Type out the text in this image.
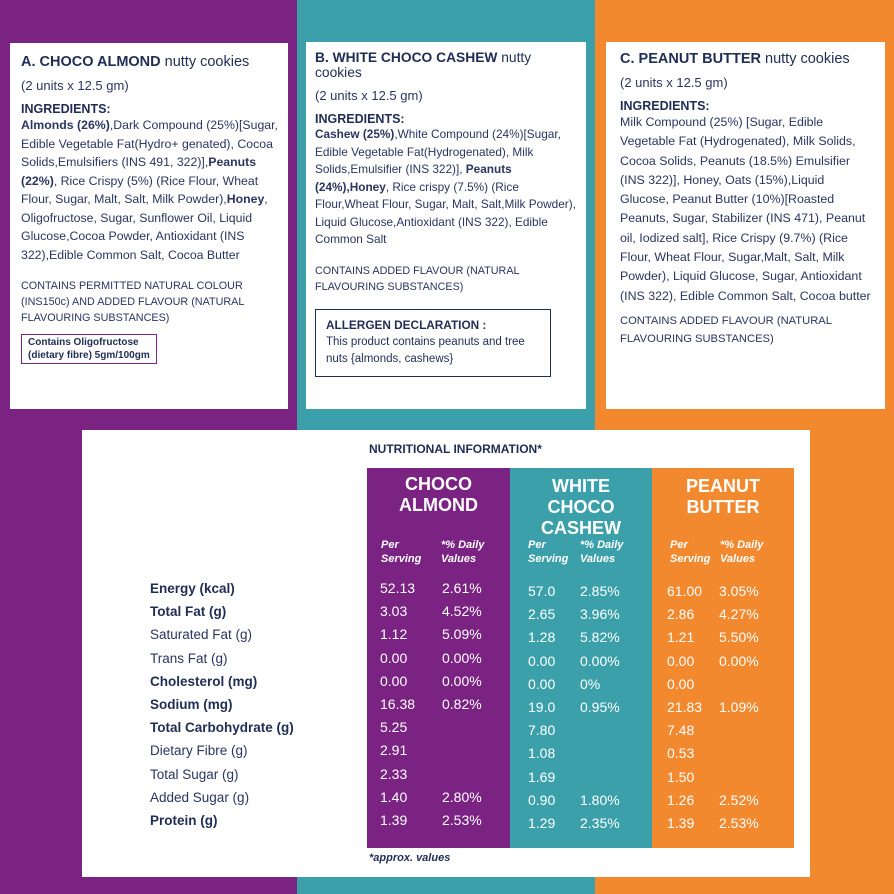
A. CHOCO ALMOND nutty cookies
(2 units x 12.5 gm)
INGREDIENTS:
Almonds (26%),Dark Compound (25%)[Sugar, Edible Vegetable Fat(Hydro+ genated), Cocoa Solids,Emulsifiers (INS 491, 322)],Peanuts (22%), Rice Crispy (5%) (Rice Flour, Wheat Flour, Sugar, Malt, Salt, Milk Powder),Honey, Oligofructose, Sugar, Sunflower Oil, Liquid Glucose,Cocoa Powder, Antioxidant (INS 322),Edible Common Salt, Cocoa Butter
CONTAINS PERMITTED NATURAL COLOUR (INS150c) AND ADDED FLAVOUR (NATURAL FLAVOURING SUBSTANCES)
Contains Oligofructose
(dietary fibre) 5gm/100gm
B. WHITE CHOCO CASHEW nutty cookies
(2 units x 12.5 gm)
INGREDIENTS:
Cashew (25%),White Compound (24%)[Sugar, Edible Vegetable Fat(Hydrogenated), Milk Solids,Emulsifier (INS 322)], Peanuts (24%),Honey, Rice crispy (7.5%) (Rice Flour,Wheat Flour, Sugar, Malt, Salt,Milk Powder), Liquid Glucose,Antioxidant (INS 322), Edible Common Salt
CONTAINS ADDED FLAVOUR (NATURAL FLAVOURING SUBSTANCES)
ALLERGEN DECLARATION :
This product contains peanuts and tree nuts {almonds, cashews}
C. PEANUT BUTTER nutty cookies
(2 units x 12.5 gm)
INGREDIENTS:
Milk Compound (25%) [Sugar, Edible Vegetable Fat (Hydrogenated), Milk Solids, Cocoa Solids, Peanuts (18.5%) Emulsifier (INS 322)], Honey, Oats (15%),Liquid Glucose, Peanut Butter (10%)[Roasted Peanuts, Sugar, Stabilizer (INS 471), Peanut oil, Iodized salt], Rice Crispy (9.7%) (Rice Flour, Wheat Flour, Sugar,Malt, Salt, Milk Powder), Liquid Glucose, Sugar, Antioxidant (INS 322), Edible Common Salt, Cocoa butter
CONTAINS ADDED FLAVOUR (NATURAL FLAVOURING SUBSTANCES)
NUTRITIONAL INFORMATION*
CHOCO ALMOND
Per Serving
*% Daily Values
WHITE CHOCO CASHEW
Per Serving
*% Daily Values
PEANUT BUTTER
Per Serving
*% Daily Values
Energy (kcal)	52.13 2.61%	57.0 2.85%	61.00 3.05%
Total Fat (g)	3.03 4.52%	2.65 3.96%	2.86 4.27%
Saturated Fat (g)	1.12 5.09%	1.28 5.82%	1.21 5.50%
Trans Fat (g)	0.00 0.00%	0.00 0.00%	0.00 0.00%
Cholesterol (mg)	0.00 0.00%	0.00 0%	0.00
Sodium (mg)	16.38 0.82%	19.0 0.95%	21.83 1.09%
Total Carbohydrate (g)	5.25	7.80	7.48
Dietary Fibre (g)	2.91	1.08	0.53
Total Sugar (g)	2.33	1.69	1.50
Added Sugar (g)	1.40 2.80%	0.90 1.80%	1.26 2.52%
Protein (g)	1.39 2.53%	1.29 2.35%	1.39 2.53%
*approx. values
